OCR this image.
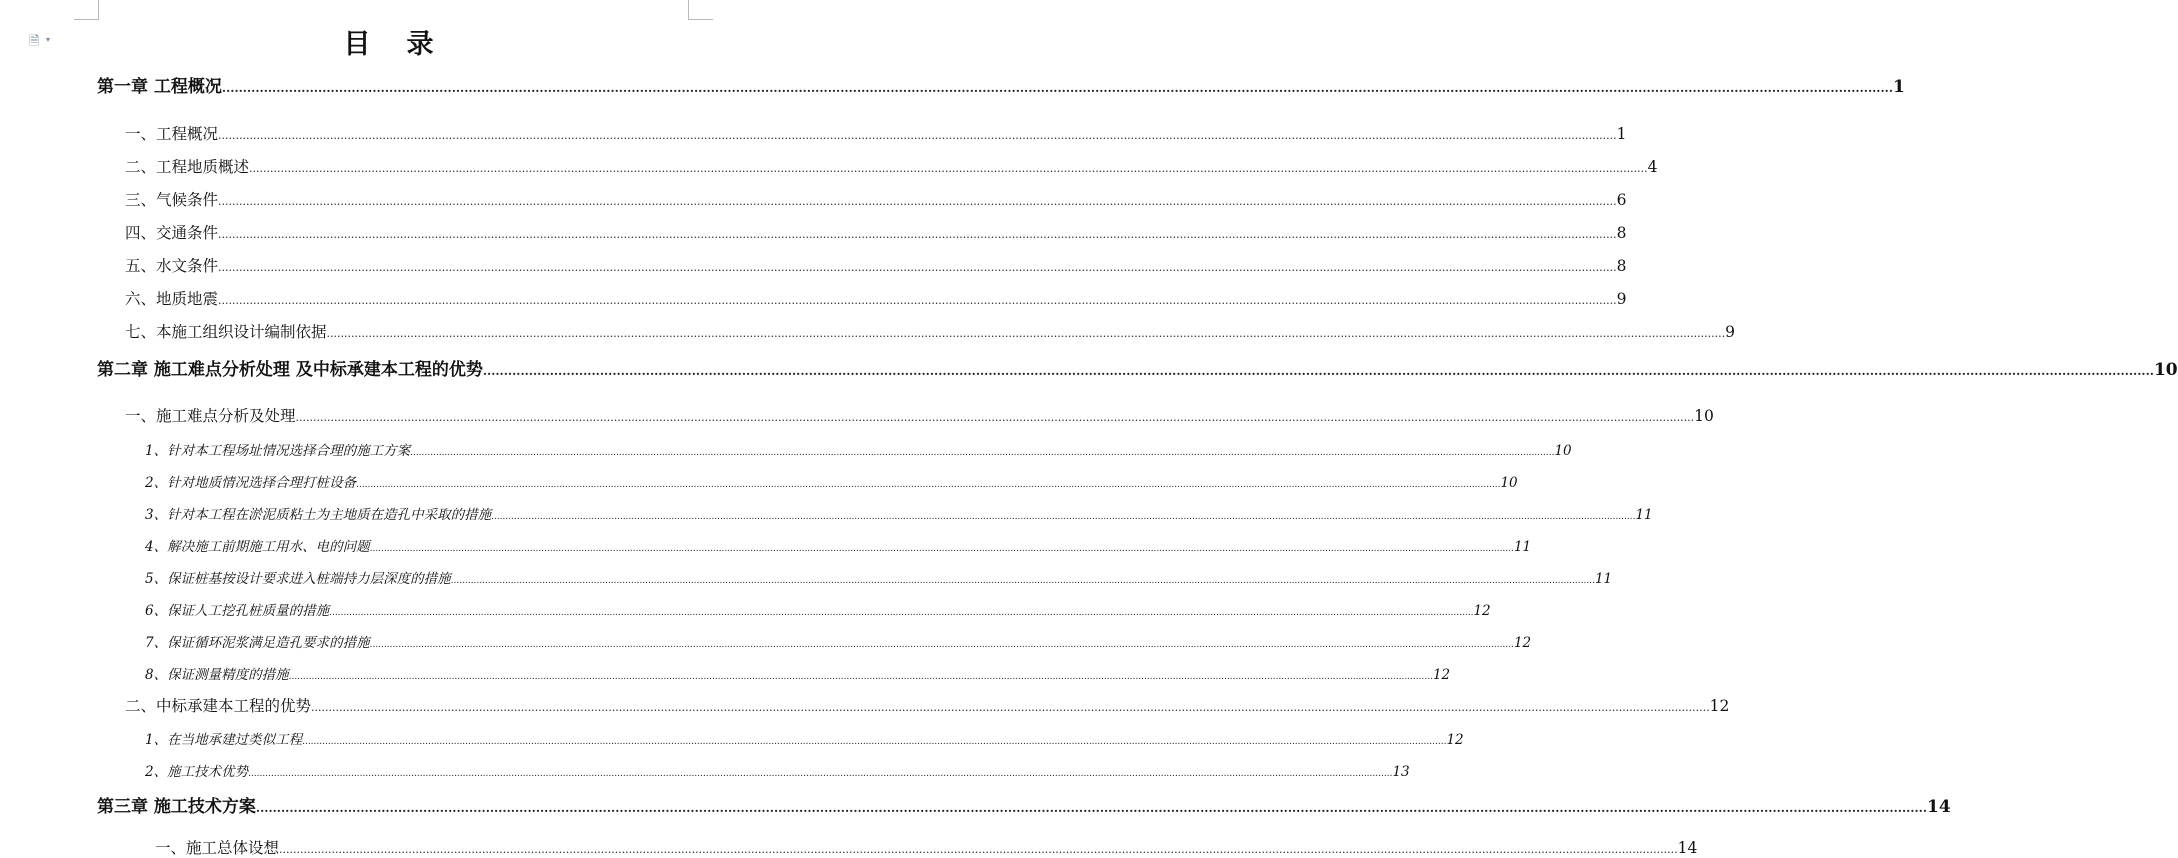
🗎 ▾	目 录
第一章 工程概况 ................................................................................................................................................................................................................................................................................................................................................................................................................ 1
一、工程概况 ................................................................................................................................................................................................................................................................................................................................................................................................................ 1
二、工程地质概述 ................................................................................................................................................................................................................................................................................................................................................................................................................ 4
三、气候条件 ................................................................................................................................................................................................................................................................................................................................................................................................................ 6
四、交通条件 ................................................................................................................................................................................................................................................................................................................................................................................................................ 8
五、水文条件 ................................................................................................................................................................................................................................................................................................................................................................................................................ 8
六、地质地震 ................................................................................................................................................................................................................................................................................................................................................................................................................ 9
七、本施工组织设计编制依据 ................................................................................................................................................................................................................................................................................................................................................................................................................ 9
第二章 施工难点分析处理 及中标承建本工程的优势 ................................................................................................................................................................................................................................................................................................................................................................................................................ 10
一、施工难点分析及处理 ................................................................................................................................................................................................................................................................................................................................................................................................................ 10
1、针对本工程场址情况选择合理的施工方案 ................................................................................................................................................................................................................................................................................................................................................................................................................ 10
2、针对地质情况选择合理打桩设备 ................................................................................................................................................................................................................................................................................................................................................................................................................ 10
3、针对本工程在淤泥质粘土为主地质在造孔中采取的措施 ................................................................................................................................................................................................................................................................................................................................................................................................................ 11
4、解决施工前期施工用水、电的问题 ................................................................................................................................................................................................................................................................................................................................................................................................................ 11
5、保证桩基按设计要求进入桩端持力层深度的措施 ................................................................................................................................................................................................................................................................................................................................................................................................................ 11
6、保证人工挖孔桩质量的措施 ................................................................................................................................................................................................................................................................................................................................................................................................................ 12
7、保证循环泥浆满足造孔要求的措施 ................................................................................................................................................................................................................................................................................................................................................................................................................ 12
8、保证测量精度的措施 ................................................................................................................................................................................................................................................................................................................................................................................................................ 12
二、中标承建本工程的优势 ................................................................................................................................................................................................................................................................................................................................................................................................................ 12
1、在当地承建过类似工程 ................................................................................................................................................................................................................................................................................................................................................................................................................ 12
2、施工技术优势 ................................................................................................................................................................................................................................................................................................................................................................................................................ 13
第三章 施工技术方案 ................................................................................................................................................................................................................................................................................................................................................................................................................ 14
一、施工总体设想 ................................................................................................................................................................................................................................................................................................................................................................................................................ 14
